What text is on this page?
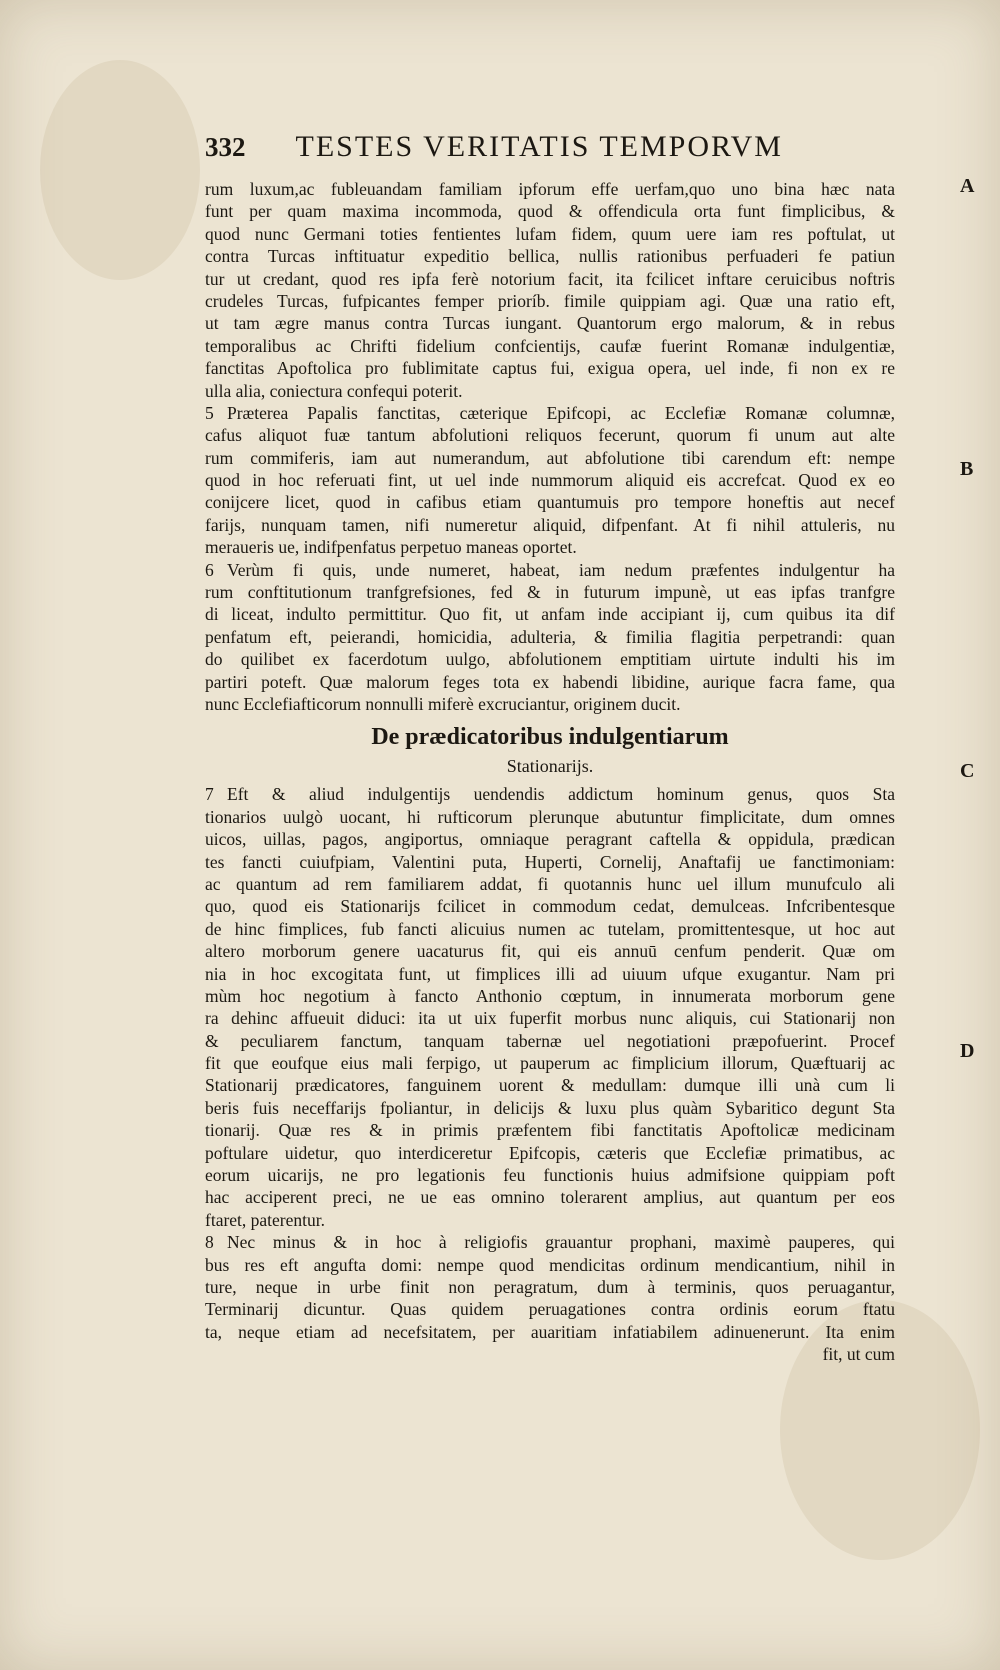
332 TESTES VERITATIS TEMPORVM
A
B
C
D
rum luxum,ac fubleuandam familiam ipforum effe uerfam,quo uno bina hæc nata
funt per quam maxima incommoda, quod & offendicula orta funt fimplicibus, &
quod nunc Germani toties fentientes lufam fidem, quum uere iam res poftulat, ut
contra Turcas inftituatur expeditio bellica, nullis rationibus perfuaderi fe patiun
tur ut credant, quod res ipfa ferè notorium facit, ita fcilicet inftare ceruicibus noftris
crudeles Turcas, fufpicantes femper prioríb. fimile quippiam agi. Quæ una ratio eft,
ut tam ægre manus contra Turcas iungant. Quantorum ergo malorum, & in rebus
temporalibus ac Chrifti fidelium confcientijs, caufæ fuerint Romanæ indulgentiæ,
fanctitas Apoftolica pro fublimitate captus fui, exigua opera, uel inde, fi non ex re
ulla alia, coniectura confequi poterit.
5 Præterea Papalis fanctitas, cæterique Epifcopi, ac Ecclefiæ Romanæ columnæ,
cafus aliquot fuæ tantum abfolutioni reliquos fecerunt, quorum fi unum aut alte
rum commiferis, iam aut numerandum, aut abfolutione tibi carendum eft: nempe
quod in hoc referuati fint, ut uel inde nummorum aliquid eis accrefcat. Quod ex eo
conijcere licet, quod in cafibus etiam quantumuis pro tempore honeftis aut necef
farijs, nunquam tamen, nifi numeretur aliquid, difpenfant. At fi nihil attuleris, nu
meraueris ue, indifpenfatus perpetuo maneas oportet.
6 Verùm fi quis, unde numeret, habeat, iam nedum præfentes indulgentur ha
rum conftitutionum tranfgrefsiones, fed & in futurum impunè, ut eas ipfas tranfgre
di liceat, indulto permittitur. Quo fit, ut anfam inde accipiant ij, cum quibus ita dif
penfatum eft, peierandi, homicidia, adulteria, & fimilia flagitia perpetrandi: quan
do quilibet ex facerdotum uulgo, abfolutionem emptitiam uirtute indulti his im
partiri poteft. Quæ malorum feges tota ex habendi libidine, aurique facra fame, qua
nunc Ecclefiafticorum nonnulli miferè excruciantur, originem ducit.
De prædicatoribus indulgentiarum
Stationarijs.
7 Eft & aliud indulgentijs uendendis addictum hominum genus, quos Sta
tionarios uulgò uocant, hi rufticorum plerunque abutuntur fimplicitate, dum omnes
uicos, uillas, pagos, angiportus, omniaque peragrant caftella & oppidula, prædican
tes fancti cuiufpiam, Valentini puta, Huperti, Cornelij, Anaftafij ue fanctimoniam:
ac quantum ad rem familiarem addat, fi quotannis hunc uel illum munufculo ali
quo, quod eis Stationarijs fcilicet in commodum cedat, demulceas. Infcribentesque
de hinc fimplices, fub fancti alicuius numen ac tutelam, promittentesque, ut hoc aut
altero morborum genere uacaturus fit, qui eis annuū cenfum penderit. Quæ om
nia in hoc excogitata funt, ut fimplices illi ad uiuum ufque exugantur. Nam pri
mùm hoc negotium à fancto Anthonio cœptum, in innumerata morborum gene
ra dehinc affueuit diduci: ita ut uix fuperfit morbus nunc aliquis, cui Stationarij non
& peculiarem fanctum, tanquam tabernæ uel negotiationi præpofuerint. Procef
fit que eoufque eius mali ferpigo, ut pauperum ac fimplicium illorum, Quæftuarij ac
Stationarij prædicatores, fanguinem uorent & medullam: dumque illi unà cum li
beris fuis neceffarijs fpoliantur, in delicijs & luxu plus quàm Sybaritico degunt Sta
tionarij. Quæ res & in primis præfentem fibi fanctitatis Apoftolicæ medicinam
poftulare uidetur, quo interdiceretur Epifcopis, cæteris que Ecclefiæ primatibus, ac
eorum uicarijs, ne pro legationis feu functionis huius admifsione quippiam poft
hac acciperent preci, ne ue eas omnino tolerarent amplius, aut quantum per eos
ftaret, paterentur.
8 Nec minus & in hoc à religiofis grauantur prophani, maximè pauperes, qui
bus res eft angufta domi: nempe quod mendicitas ordinum mendicantium, nihil in
ture, neque in urbe finit non peragratum, dum à terminis, quos peruagantur,
Terminarij dicuntur. Quas quidem peruagationes contra ordinis eorum ftatu
ta, neque etiam ad necefsitatem, per auaritiam infatiabilem adinuenerunt. Ita enim
fit, ut cum
